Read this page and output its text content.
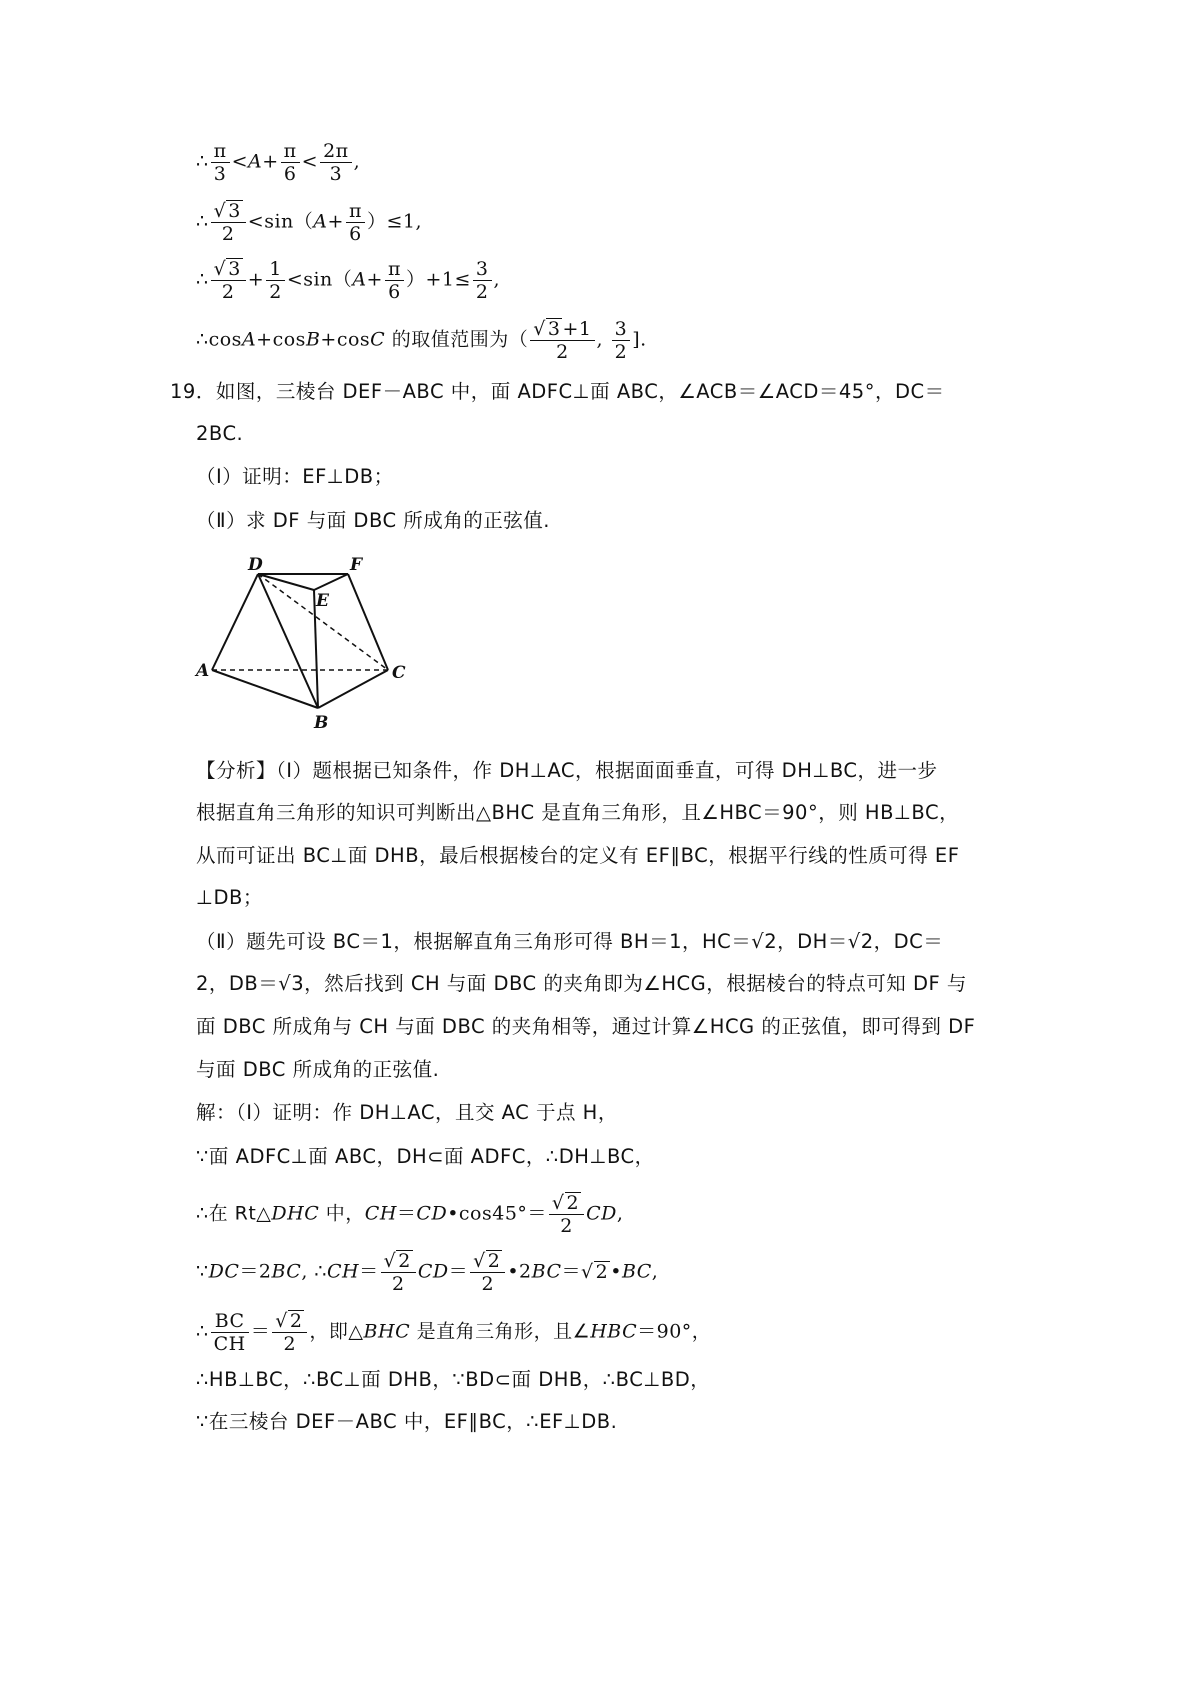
∴ $\frac{\pi}{3} <A+ \frac{\pi}{6} < \frac{2\pi}{3}$ ,
∴ $\frac{√ 3}{2} <\sin(A+ \frac{\pi}{6} )\le 1$,
∴ $\frac{√ 3}{2} + \frac{1}{2} <\sin(A+ \frac{\pi}{6} )+1\le \frac{3}{2}$ ,
∴cosA+cosB+cosC 的取值范围为（ $\frac{√ 3 +1}{2}$ , $\frac{3}{2}$ ].
19．如图，三棱台 DEF－ABC 中，面 ADFC⊥面 ABC，∠ACB＝∠ACD＝45°，DC＝
2BC.
（Ⅰ）证明：EF⊥DB；
（Ⅱ）求 DF 与面 DBC 所成角的正弦值.
D	F
E
A	C
B
【分析】（Ⅰ）题根据已知条件，作 DH⊥AC，根据面面垂直，可得 DH⊥BC，进一步
根据直角三角形的知识可判断出△BHC 是直角三角形，且∠HBC＝90°，则 HB⊥BC，
从而可证出 BC⊥面 DHB，最后根据棱台的定义有 EF∥BC，根据平行线的性质可得 EF
⊥DB；
（Ⅱ）题先可设 BC＝1，根据解直角三角形可得 BH＝1，HC＝√2，DH＝√2，DC＝
2，DB＝√3，然后找到 CH 与面 DBC 的夹角即为∠HCG，根据棱台的特点可知 DF 与
面 DBC 所成角与 CH 与面 DBC 的夹角相等，通过计算∠HCG 的正弦值，即可得到 DF
与面 DBC 所成角的正弦值.
解：（Ⅰ）证明：作 DH⊥AC，且交 AC 于点 H，
∵面 ADFC⊥面 ABC，DH⊂面 ADFC，∴DH⊥BC，
∴在 Rt△DHC 中，CH＝CD•cos45°＝ $\frac{√ 2}{2}$ CD,
∵DC＝2BC, ∴CH＝ $\frac{√ 2}{2} CD= \frac{√ 2}{2}$ •2BC＝√ 2 •BC,
∴ $\frac{BC}{CH} = \frac{√ 2}{2}$ ，即△BHC 是直角三角形，且∠HBC＝90°，
∴HB⊥BC，∴BC⊥面 DHB，∵BD⊂面 DHB，∴BC⊥BD，
∵在三棱台 DEF－ABC 中，EF∥BC，∴EF⊥DB.
